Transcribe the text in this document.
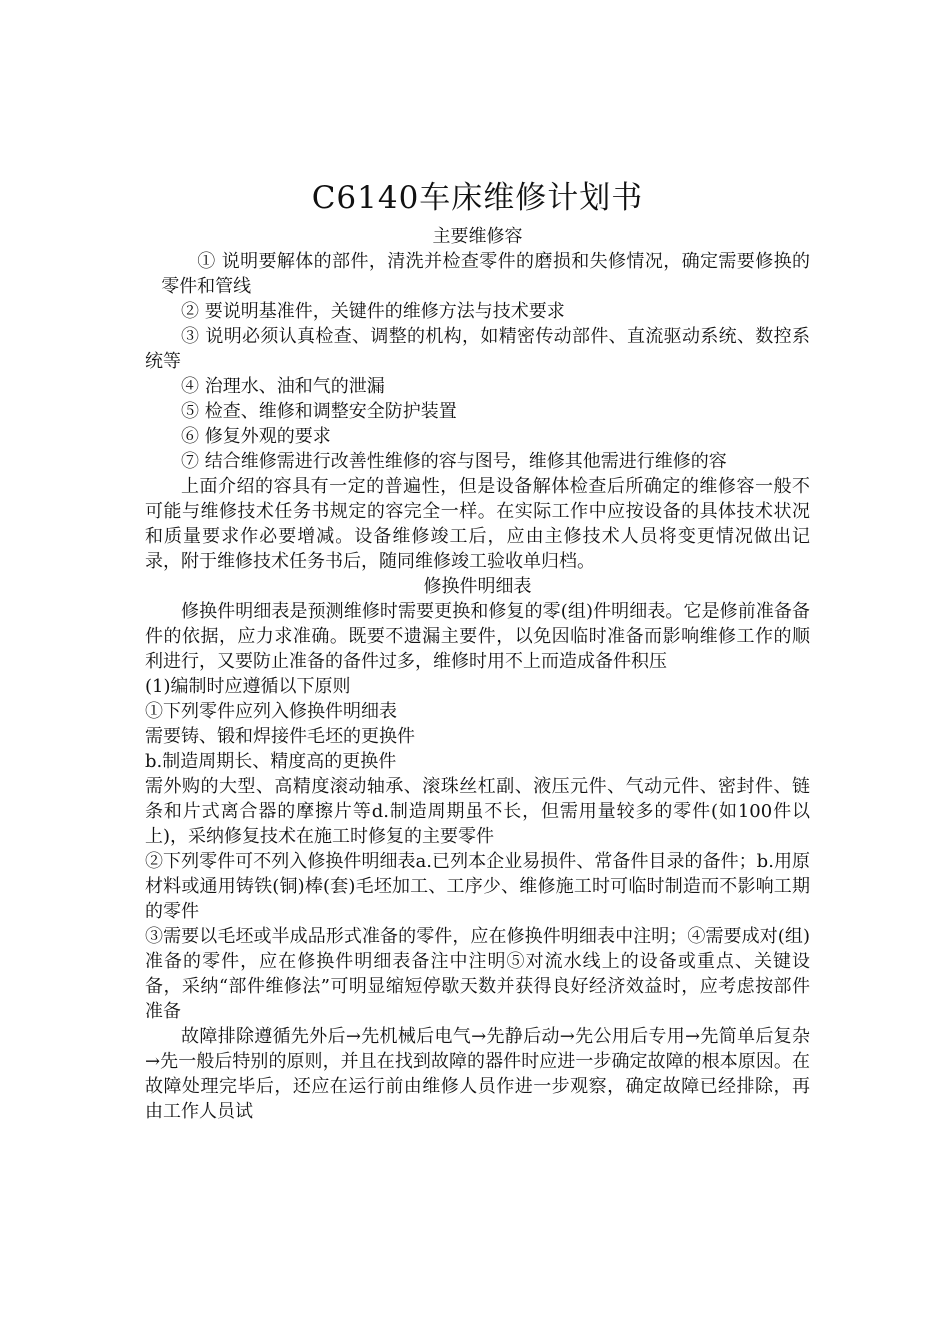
C6140车床维修计划书
主要维修容

① 说明要解体的部件，清洗并检查零件的磨损和失修情况，确定需要修换的零件和管线

② 要说明基准件，关键件的维修方法与技术要求

③ 说明必须认真检查、调整的机构，如精密传动部件、直流驱动系统、数控系统等

④ 治理水、油和气的泄漏

⑤ 检查、维修和调整安全防护装置

⑥ 修复外观的要求

⑦ 结合维修需进行改善性维修的容与图号，维修其他需进行维修的容

上面介绍的容具有一定的普遍性，但是设备解体检查后所确定的维修容一般不可能与维修技术任务书规定的容完全一样。在实际工作中应按设备的具体技术状况和质量要求作必要增减。设备维修竣工后，应由主修技术人员将变更情况做出记录，附于维修技术任务书后，随同维修竣工验收单归档。

修换件明细表

修换件明细表是预测维修时需要更换和修复的零(组)件明细表。它是修前准备备件的依据，应力求准确。既要不遗漏主要件，以免因临时准备而影响维修工作的顺利进行，又要防止准备的备件过多，维修时用不上而造成备件积压

(1)编制时应遵循以下原则

①下列零件应列入修换件明细表

需要铸、锻和焊接件毛坯的更换件

b.制造周期长、精度高的更换件

需外购的大型、高精度滚动轴承、滚珠丝杠副、液压元件、气动元件、密封件、链条和片式离合器的摩擦片等d.制造周期虽不长，但需用量较多的零件(如100件以上)，采纳修复技术在施工时修复的主要零件

②下列零件可不列入修换件明细表a.已列本企业易损件、常备件目录的备件；b.用原材料或通用铸铁(铜)棒(套)毛坯加工、工序少、维修施工时可临时制造而不影响工期的零件

③需要以毛坯或半成品形式准备的零件，应在修换件明细表中注明；④需要成对(组)准备的零件，应在修换件明细表备注中注明⑤对流水线上的设备或重点、关键设备，采纳“部件维修法”可明显缩短停歇天数并获得良好经济效益时，应考虑按部件准备

故障排除遵循先外后→先机械后电气→先静后动→先公用后专用→先简单后复杂→先一般后特别的原则，并且在找到故障的器件时应进一步确定故障的根本原因。在故障处理完毕后，还应在运行前由维修人员作进一步观察，确定故障已经排除，再由工作人员试
